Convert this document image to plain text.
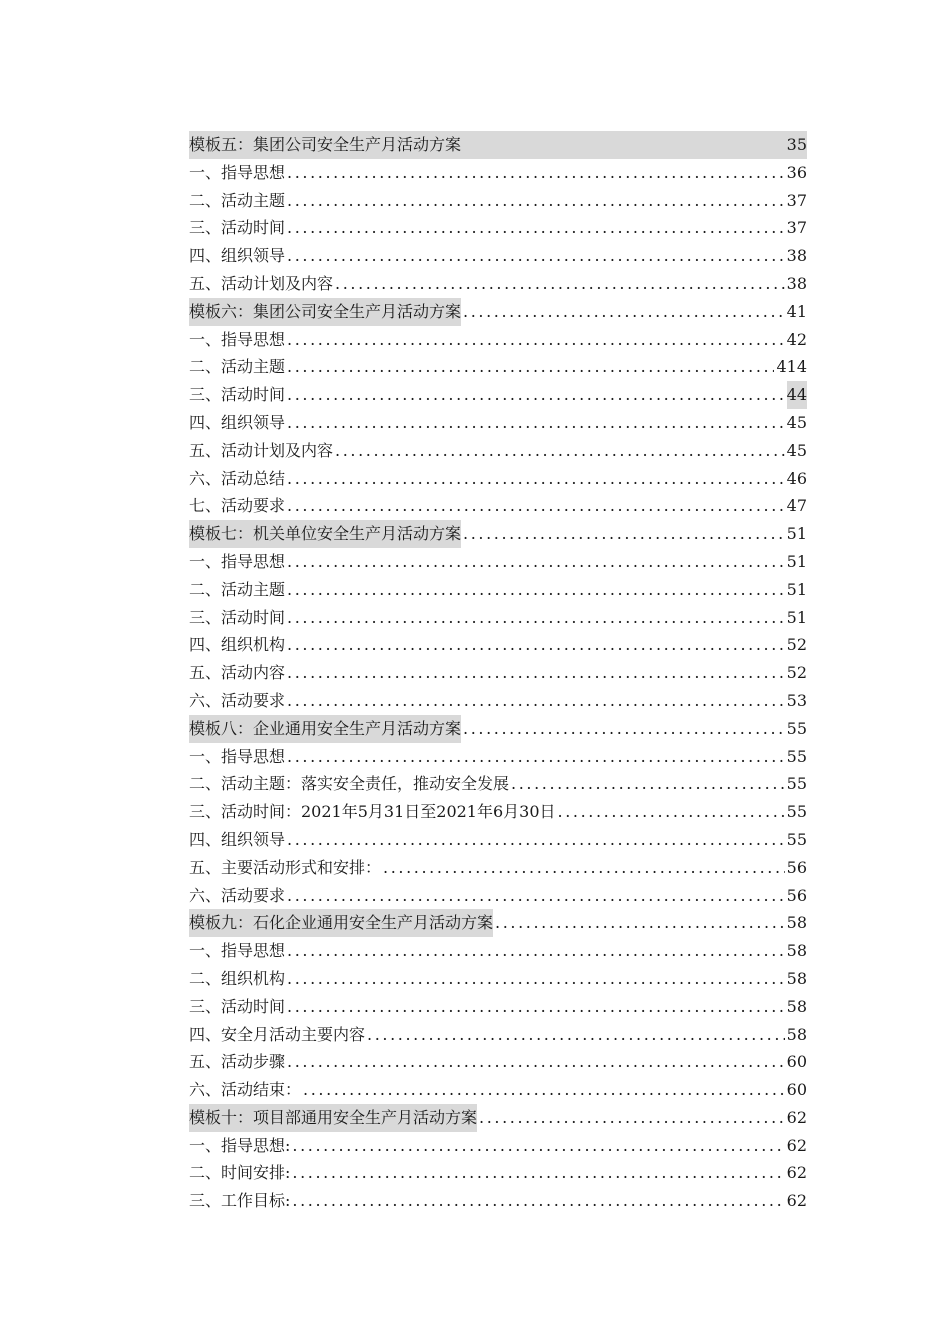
模板五：集团公司安全生产月活动方案	35
一、指导思想 .....	36
二、活动主题 .....	37
三、活动时间 .....	37
四、组织领导 .....	38
五、活动计划及内容 .....	38
模板六：集团公司安全生产月活动方案 .....	41
一、指导思想 .....	42
二、活动主题 .....	414
三、活动时间 .....	44
四、组织领导 .....	45
五、活动计划及内容 .....	45
六、活动总结 .....	46
七、活动要求 .....	47
模板七：机关单位安全生产月活动方案 .....	51
一、指导思想 .....	51
二、活动主题 .....	51
三、活动时间 .....	51
四、组织机构 .....	52
五、活动内容 .....	52
六、活动要求 .....	53
模板八：企业通用安全生产月活动方案 .....	55
一、指导思想 .....	55
二、活动主题：落实安全责任，推动安全发展 .....	55
三、活动时间：2021年5月31日至2021年6月30日 .....	55
四、组织领导 .....	55
五、主要活动形式和安排： .....	56
六、活动要求 .....	56
模板九：石化企业通用安全生产月活动方案 .....	58
一、指导思想 .....	58
二、组织机构 .....	58
三、活动时间 .....	58
四、安全月活动主要内容 .....	58
五、活动步骤 .....	60
六、活动结束： .....	60
模板十：项目部通用安全生产月活动方案 .....	62
一、指导思想: .....	62
二、时间安排: .....	62
三、工作目标: .....	62
